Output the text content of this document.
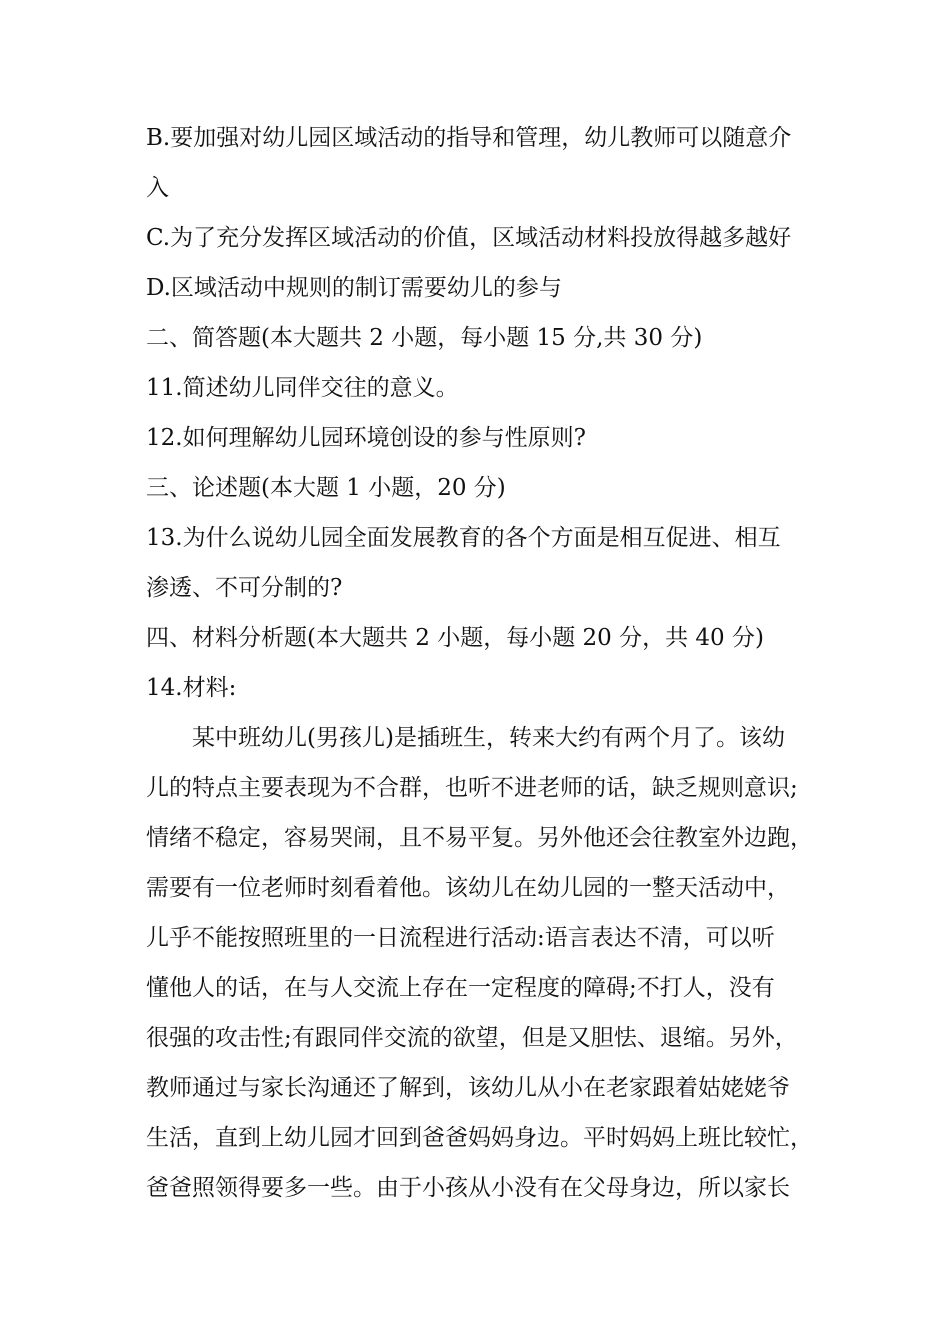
B.要加强对幼儿园区域活动的指导和管理，幼儿教师可以随意介
入
C.为了充分发挥区域活动的价值，区域活动材料投放得越多越好
D.区域活动中规则的制订需要幼儿的参与
二、简答题(本大题共 2 小题，每小题 15 分,共 30 分)
11.简述幼儿同伴交往的意义。
12.如何理解幼儿园环境创设的参与性原则?
三、论述题(本大题 1 小题，20 分)
13.为什么说幼儿园全面发展教育的各个方面是相互促进、相互
渗透、不可分制的?
四、材料分析题(本大题共 2 小题，每小题 20 分，共 40 分)
14.材料:
某中班幼儿(男孩儿)是插班生，转来大约有两个月了。该幼
儿的特点主要表现为不合群，也听不进老师的话，缺乏规则意识;
情绪不稳定，容易哭闹，且不易平复。另外他还会往教室外边跑，
需要有一位老师时刻看着他。该幼儿在幼儿园的一整天活动中，
儿乎不能按照班里的一日流程进行活动:语言表达不清，可以听
懂他人的话，在与人交流上存在一定程度的障碍;不打人，没有
很强的攻击性;有跟同伴交流的欲望，但是又胆怯、退缩。另外，
教师通过与家长沟通还了解到，该幼儿从小在老家跟着姑姥姥爷
生活，直到上幼儿园才回到爸爸妈妈身边。平时妈妈上班比较忙，
爸爸照领得要多一些。由于小孩从小没有在父母身边，所以家长
